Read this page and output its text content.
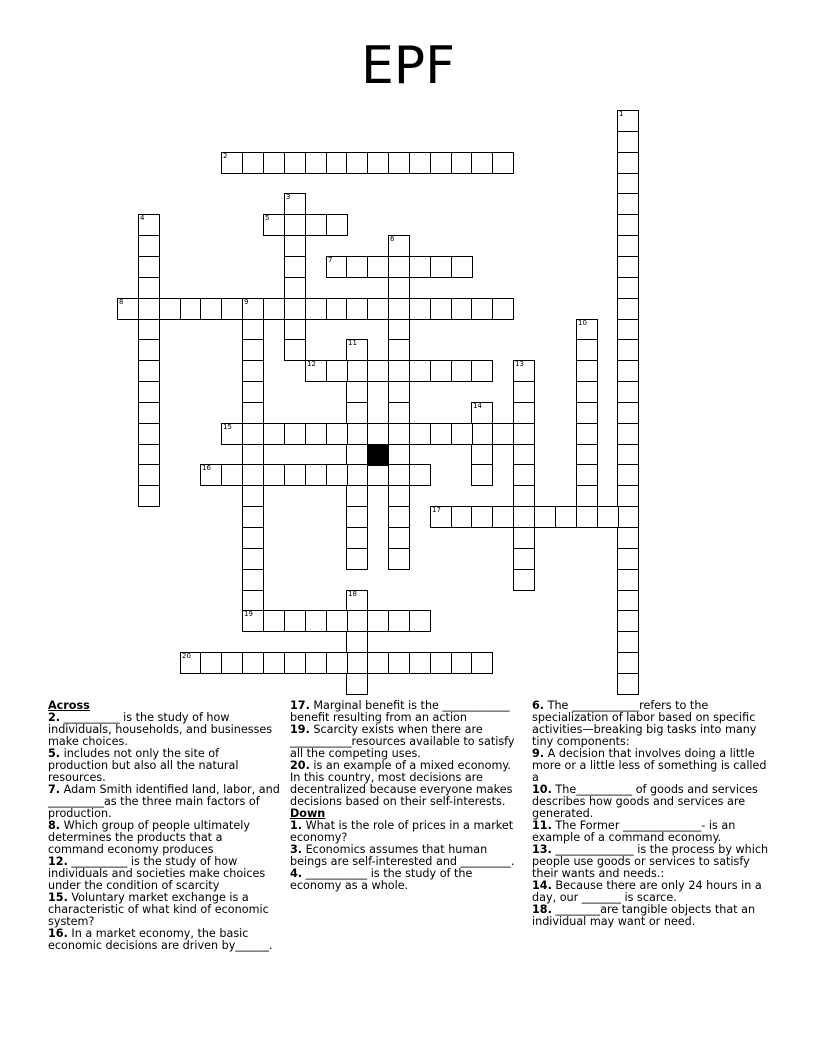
EPF
1
2
3
4	5
6
7
8	9
10
11
12	13
14
15
16
17
18
19
20
Across
2. __________ is the study of how individuals, households, and businesses make choices.
5. includes not only the site of production but also all the natural resources.
7. Adam Smith identified land, labor, and __________as the three main factors of production.
8. Which group of people ultimately determines the products that a command economy produces
12. __________ is the study of how individuals and societies make choices under the condition of scarcity
15. Voluntary market exchange is a characteristic of what kind of economic system?
16. In a market economy, the basic economic decisions are driven by______.
17. Marginal benefit is the ____________ benefit resulting from an action
19. Scarcity exists when there are ___________resources available to satisfy all the competing uses.
20. is an example of a mixed economy. In this country, most decisions are decentralized because everyone makes decisions based on their self-interests.
Down
1. What is the role of prices in a market economy?
3. Economics assumes that human beings are self-interested and _________.
4. ___________ is the study of the economy as a whole.
6. The ____________refers to the specialization of labor based on specific activities—breaking big tasks into many tiny components:
9. A decision that involves doing a little more or a little less of something is called a
10. The__________ of goods and services describes how goods and services are generated.
11. The Former ______________- is an example of a command economy.
13. ______________ is the process by which people use goods or services to satisfy their wants and needs.:
14. Because there are only 24 hours in a day, our _______ is scarce.
18. ________are tangible objects that an individual may want or need.
